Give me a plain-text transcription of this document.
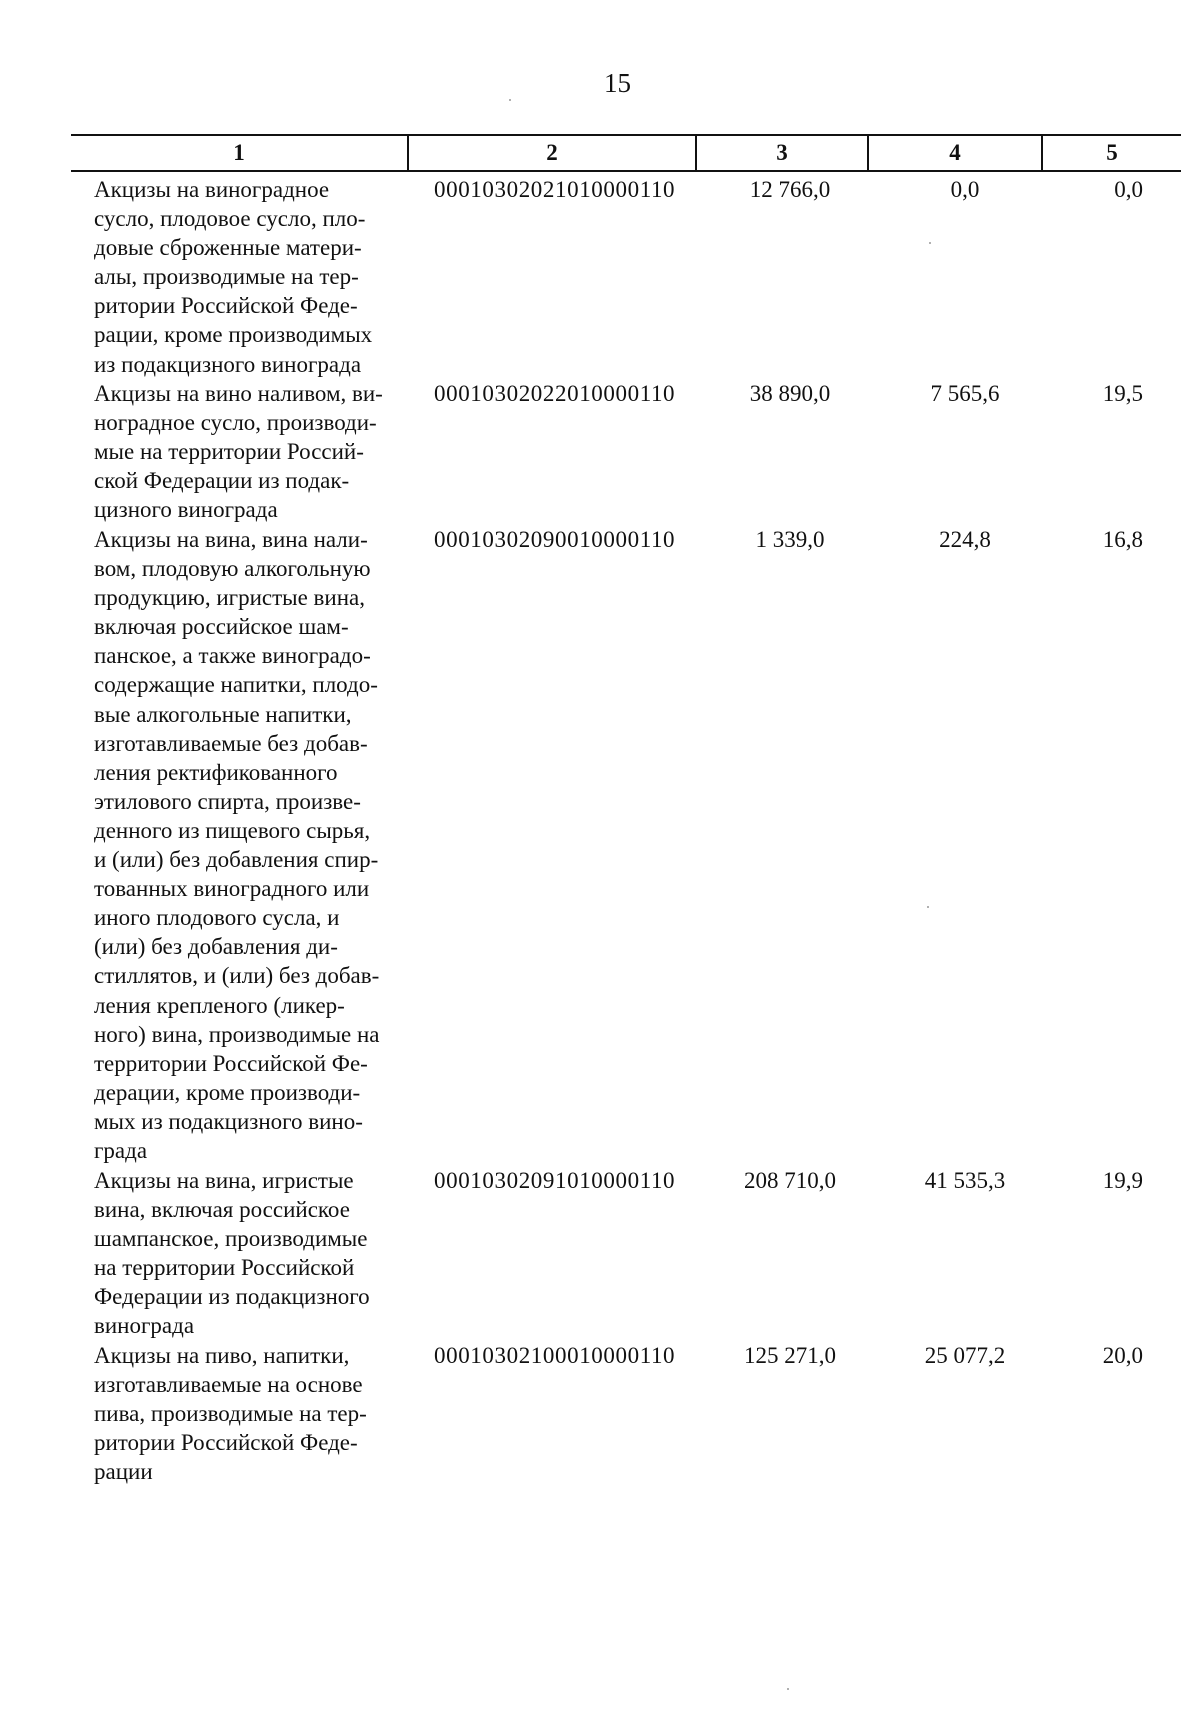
15
1	2	3	4	5
Акцизы на виноградное
сусло, плодовое сусло, пло-
довые сброженные матери-
алы, производимые на тер-
ритории Российской Феде-
рации, кроме производимых
из подакцизного винограда
00010302021010000110	12 766,0	0,0	0,0
Акцизы на вино наливом, ви-
ноградное сусло, производи-
мые на территории Россий-
ской Федерации из подак-
цизного винограда
00010302022010000110	38 890,0	7 565,6	19,5
Акцизы на вина, вина нали-
вом, плодовую алкогольную
продукцию, игристые вина,
включая российское шам-
панское, а также виноградо-
содержащие напитки, плодо-
вые алкогольные напитки,
изготавливаемые без добав-
ления ректификованного
этилового спирта, произве-
денного из пищевого сырья,
и (или) без добавления спир-
тованных виноградного или
иного плодового сусла, и
(или) без добавления ди-
стиллятов, и (или) без добав-
ления крепленого (ликер-
ного) вина, производимые на
территории Российской Фе-
дерации, кроме производи-
мых из подакцизного вино-
града
00010302090010000110	1 339,0	224,8	16,8
Акцизы на вина, игристые
вина, включая российское
шампанское, производимые
на территории Российской
Федерации из подакцизного
винограда
00010302091010000110	208 710,0	41 535,3	19,9
Акцизы на пиво, напитки,
изготавливаемые на основе
пива, производимые на тер-
ритории Российской Феде-
рации
00010302100010000110	125 271,0	25 077,2	20,0
